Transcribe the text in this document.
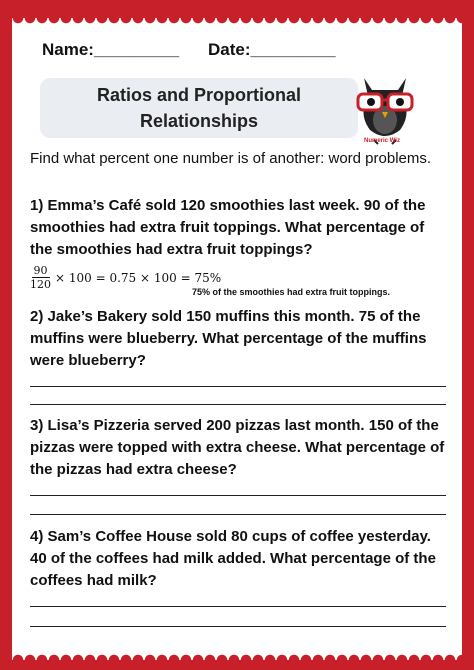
Name:_________ Date:_________
Ratios and Proportional
Relationships
Numeric Wiz
Find what percent one number is of another: word problems.
1) Emma’s Café sold 120 smoothies last week. 90 of the smoothies had extra fruit toppings. What percentage of the smoothies had extra fruit toppings?
$\frac{90}{120} \times 100 = 0.75 \times 100 = 75\%$
75% of the smoothies had extra fruit toppings.
2) Jake’s Bakery sold 150 muffins this month. 75 of the muffins were blueberry. What percentage of the muffins were blueberry?
3) Lisa’s Pizzeria served 200 pizzas last month. 150 of the pizzas were topped with extra cheese. What percentage of the pizzas had extra cheese?
4) Sam’s Coffee House sold 80 cups of coffee yesterday. 40 of the coffees had milk added. What percentage of the coffees had milk?
